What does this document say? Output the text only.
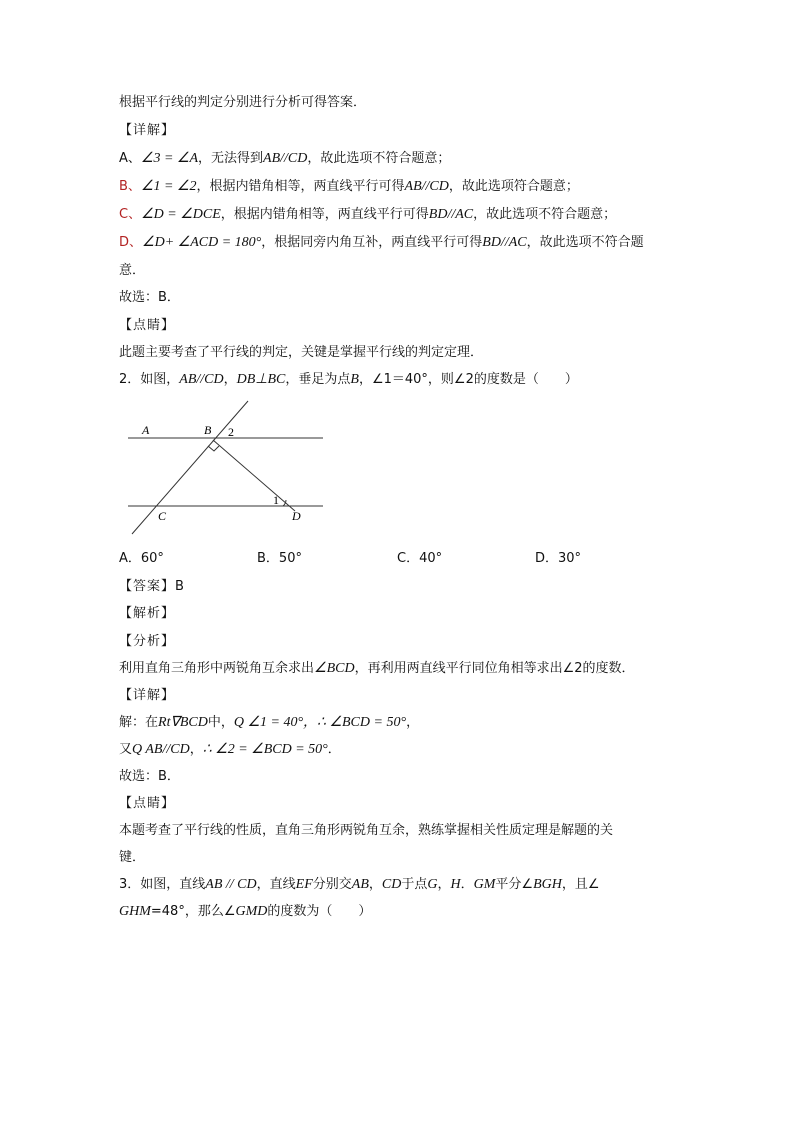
根据平行线的判定分别进行分析可得答案．
【详解】
A、∠3 = ∠A，无法得到AB//CD，故此选项不符合题意；
B、∠1 = ∠2，根据内错角相等，两直线平行可得AB//CD，故此选项符合题意；
C、∠D = ∠DCE，根据内错角相等，两直线平行可得BD//AC，故此选项不符合题意；
D、∠D+ ∠ACD = 180°，根据同旁内角互补，两直线平行可得BD//AC，故此选项不符合题
意．
故选：B．
【点睛】
此题主要考查了平行线的判定，关键是掌握平行线的判定定理．
2．如图，AB//CD，DB⊥BC，垂足为点B，∠1＝40°，则∠2的度数是（　　）
A	B 2
1
C	D
A．60°	B．50°	C．40°	D．30°
【答案】B
【解析】
【分析】
利用直角三角形中两锐角互余求出∠BCD，再利用两直线平行同位角相等求出∠2的度数．
【详解】
解：在Rt∇BCD中，Q ∠1 = 40°，∴ ∠BCD = 50°，
又Q AB//CD，∴ ∠2 = ∠BCD = 50°．
故选：B．
【点睛】
本题考查了平行线的性质，直角三角形两锐角互余，熟练掌握相关性质定理是解题的关
键．
3．如图，直线AB // CD，直线EF分别交AB，CD于点G，H．GM平分∠BGH，且∠
GHM=48°，那么∠GMD的度数为（　　）
